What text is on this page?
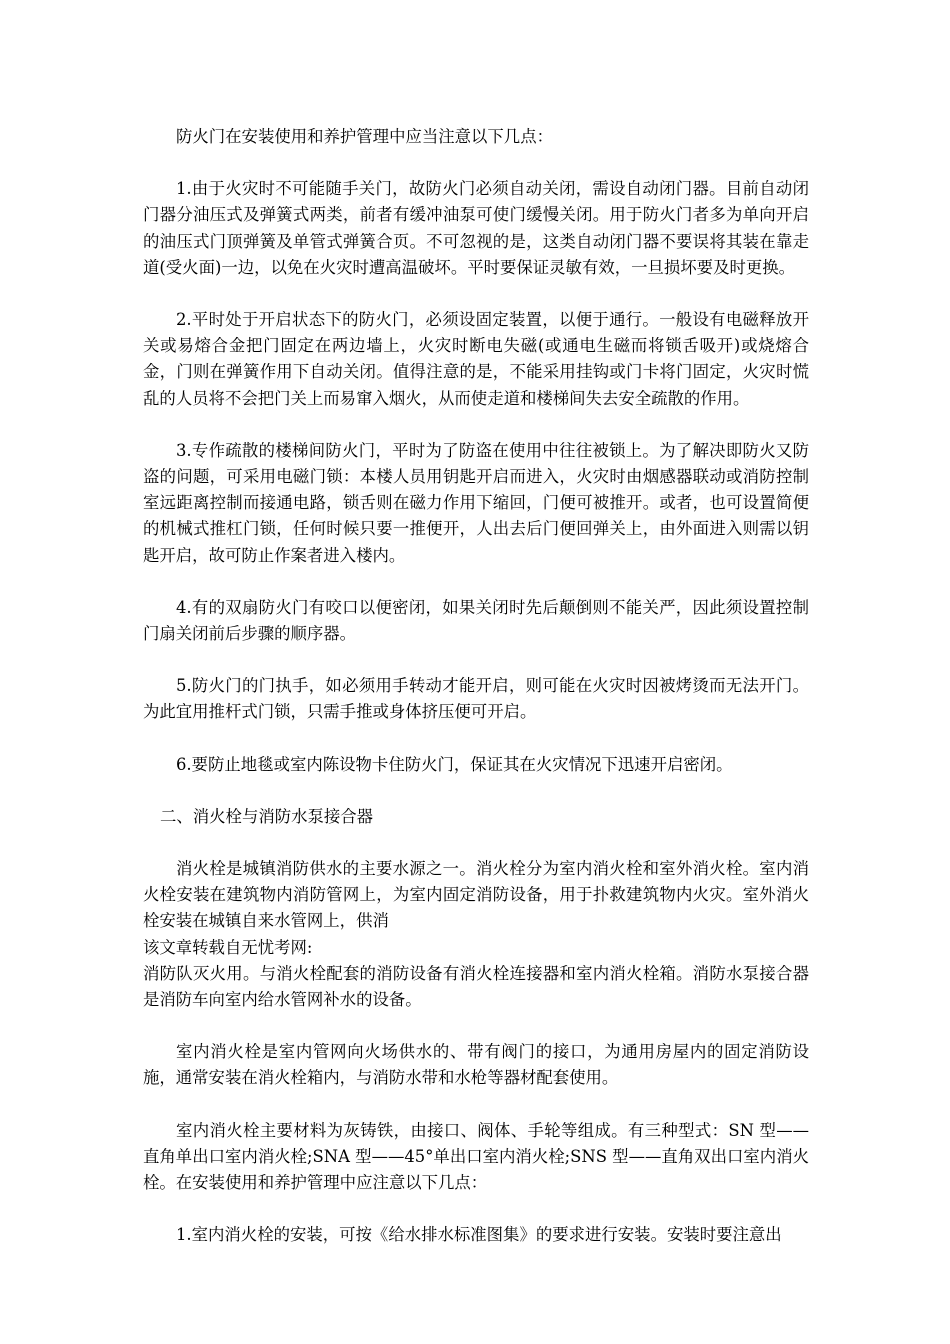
防火门在安装使用和养护管理中应当注意以下几点：

1.由于火灾时不可能随手关门，故防火门必须自动关闭，需设自动闭门器。目前自动闭门器分油压式及弹簧式两类，前者有缓冲油泵可使门缓慢关闭。用于防火门者多为单向开启的油压式门顶弹簧及单管式弹簧合页。不可忽视的是，这类自动闭门器不要误将其装在靠走道(受火面)一边，以免在火灾时遭高温破坏。平时要保证灵敏有效，一旦损坏要及时更换。

2.平时处于开启状态下的防火门，必须设固定装置，以便于通行。一般设有电磁释放开关或易熔合金把门固定在两边墙上，火灾时断电失磁(或通电生磁而将锁舌吸开)或烧熔合金，门则在弹簧作用下自动关闭。值得注意的是，不能采用挂钩或门卡将门固定，火灾时慌乱的人员将不会把门关上而易窜入烟火，从而使走道和楼梯间失去安全疏散的作用。

3.专作疏散的楼梯间防火门，平时为了防盗在使用中往往被锁上。为了解决即防火又防盗的问题，可采用电磁门锁：本楼人员用钥匙开启而进入，火灾时由烟感器联动或消防控制室远距离控制而接通电路，锁舌则在磁力作用下缩回，门便可被推开。或者，也可设置简便的机械式推杠门锁，任何时候只要一推便开，人出去后门便回弹关上，由外面进入则需以钥匙开启，故可防止作案者进入楼内。

4.有的双扇防火门有咬口以便密闭，如果关闭时先后颠倒则不能关严，因此须设置控制门扇关闭前后步骤的顺序器。

5.防火门的门执手，如必须用手转动才能开启，则可能在火灾时因被烤烫而无法开门。为此宜用推杆式门锁，只需手推或身体挤压便可开启。

6.要防止地毯或室内陈设物卡住防火门，保证其在火灾情况下迅速开启密闭。

二、消火栓与消防水泵接合器

消火栓是城镇消防供水的主要水源之一。消火栓分为室内消火栓和室外消火栓。室内消火栓安装在建筑物内消防管网上，为室内固定消防设备，用于扑救建筑物内火灾。室外消火栓安装在城镇自来水管网上，供消

该文章转载自无忧考网:

消防队灭火用。与消火栓配套的消防设备有消火栓连接器和室内消火栓箱。消防水泵接合器是消防车向室内给水管网补水的设备。

室内消火栓是室内管网向火场供水的、带有阀门的接口，为通用房屋内的固定消防设施，通常安装在消火栓箱内，与消防水带和水枪等器材配套使用。

室内消火栓主要材料为灰铸铁，由接口、阀体、手轮等组成。有三种型式：SN 型——直角单出口室内消火栓;SNA 型——45°单出口室内消火栓;SNS 型——直角双出口室内消火栓。在安装使用和养护管理中应注意以下几点：

1.室内消火栓的安装，可按《给水排水标准图集》的要求进行安装。安装时要注意出
